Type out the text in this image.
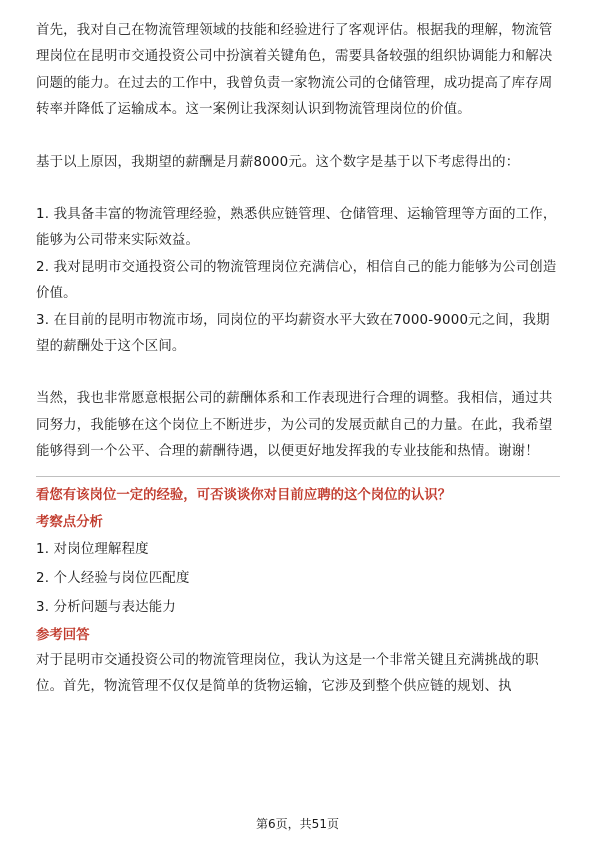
首先，我对自己在物流管理领域的技能和经验进行了客观评估。根据我的理解，物流管理岗位在昆明市交通投资公司中扮演着关键角色，需要具备较强的组织协调能力和解决问题的能力。在过去的工作中，我曾负责一家物流公司的仓储管理，成功提高了库存周转率并降低了运输成本。这一案例让我深刻认识到物流管理岗位的价值。

基于以上原因，我期望的薪酬是月薪8000元。这个数字是基于以下考虑得出的：

1. 我具备丰富的物流管理经验，熟悉供应链管理、仓储管理、运输管理等方面的工作，能够为公司带来实际效益。

2. 我对昆明市交通投资公司的物流管理岗位充满信心，相信自己的能力能够为公司创造价值。

3. 在目前的昆明市物流市场，同岗位的平均薪资水平大致在7000-9000元之间，我期望的薪酬处于这个区间。

当然，我也非常愿意根据公司的薪酬体系和工作表现进行合理的调整。我相信，通过共同努力，我能够在这个岗位上不断进步，为公司的发展贡献自己的力量。在此，我希望能够得到一个公平、合理的薪酬待遇，以便更好地发挥我的专业技能和热情。谢谢！

看您有该岗位一定的经验，可否谈谈你对目前应聘的这个岗位的认识？
考察点分析

1. 对岗位理解程度

2. 个人经验与岗位匹配度

3. 分析问题与表达能力

参考回答

对于昆明市交通投资公司的物流管理岗位，我认为这是一个非常关键且充满挑战的职位。首先，物流管理不仅仅是简单的货物运输，它涉及到整个供应链的规划、执

第6页，共51页
